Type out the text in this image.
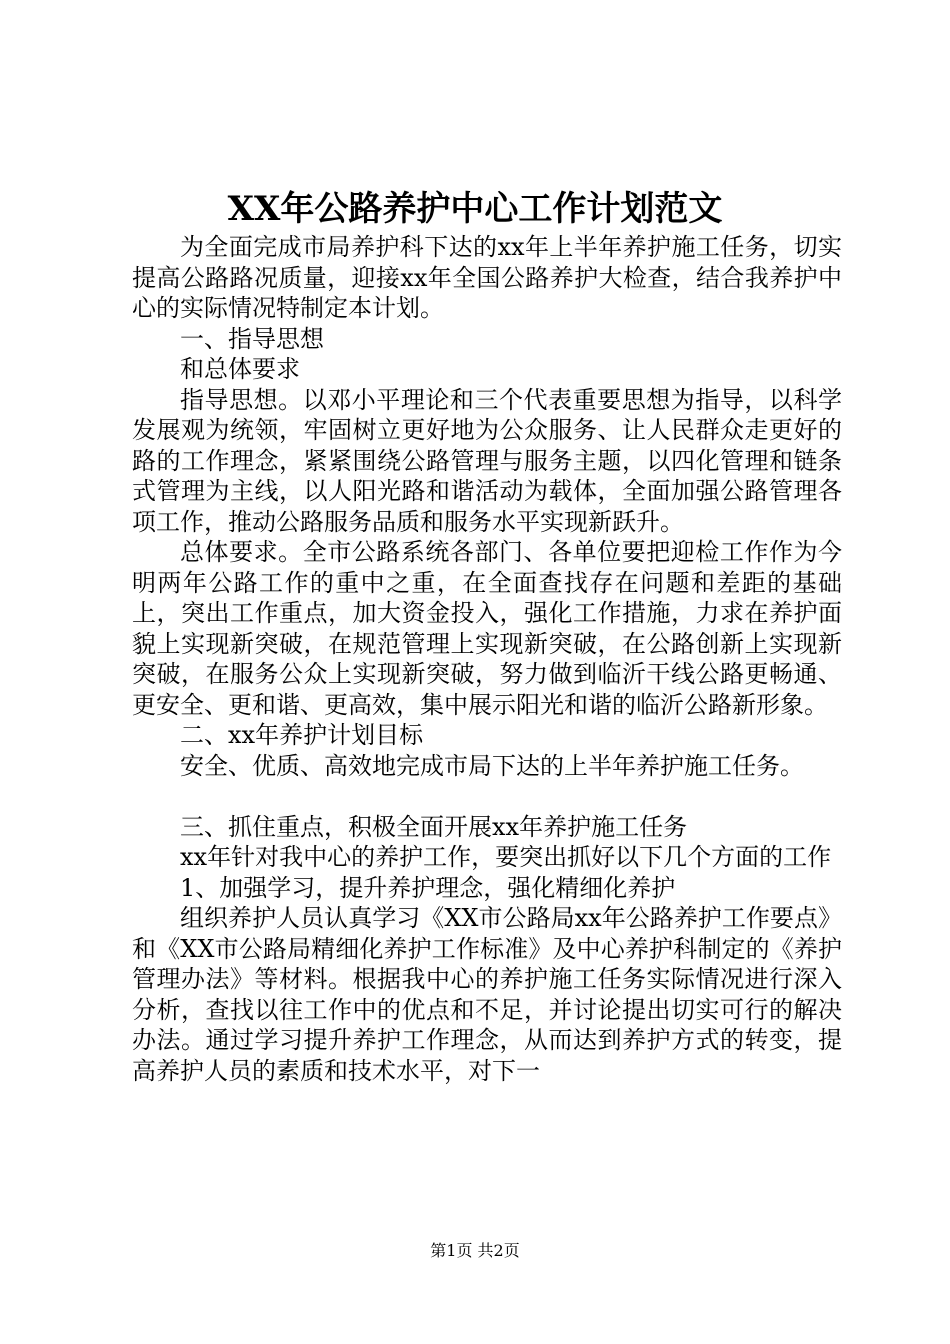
XX年公路养护中心工作计划范文

为全面完成市局养护科下达的xx年上半年养护施工任务，切实提高公路路况质量，迎接xx年全国公路养护大检查，结合我养护中心的实际情况特制定本计划。

一、指导思想

和总体要求

指导思想。以邓小平理论和三个代表重要思想为指导，以科学发展观为统领，牢固树立更好地为公众服务、让人民群众走更好的路的工作理念，紧紧围绕公路管理与服务主题，以四化管理和链条式管理为主线，以人阳光路和谐活动为载体，全面加强公路管理各项工作，推动公路服务品质和服务水平实现新跃升。

总体要求。全市公路系统各部门、各单位要把迎检工作作为今明两年公路工作的重中之重，在全面查找存在问题和差距的基础上，突出工作重点，加大资金投入，强化工作措施，力求在养护面貌上实现新突破，在规范管理上实现新突破，在公路创新上实现新突破，在服务公众上实现新突破，努力做到临沂干线公路更畅通、更安全、更和谐、更高效，集中展示阳光和谐的临沂公路新形象。

二、xx年养护计划目标

安全、优质、高效地完成市局下达的上半年养护施工任务。

三、抓住重点，积极全面开展xx年养护施工任务

xx年针对我中心的养护工作，要突出抓好以下几个方面的工作

1、加强学习，提升养护理念，强化精细化养护

组织养护人员认真学习《XX市公路局xx年公路养护工作要点》和《XX市公路局精细化养护工作标准》及中心养护科制定的《养护管理办法》等材料。根据我中心的养护施工任务实际情况进行深入分析，查找以往工作中的优点和不足，并讨论提出切实可行的解决办法。通过学习提升养护工作理念，从而达到养护方式的转变，提高养护人员的素质和技术水平，对下一

第1页 共2页
